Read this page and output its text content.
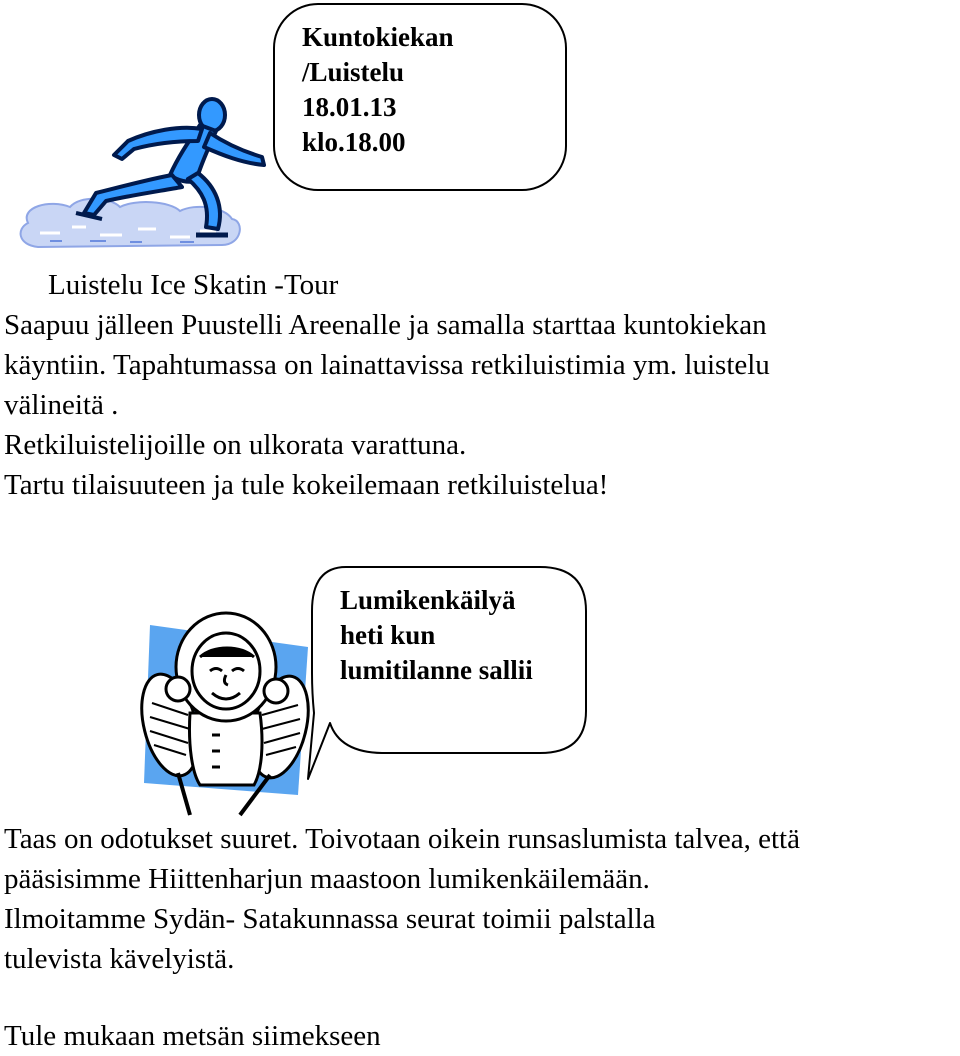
Kuntokiekan
/Luistelu
18.01.13
klo.18.00
Luistelu Ice Skatin -Tour
Saapuu jälleen Puustelli Areenalle ja samalla starttaa kuntokiekan
käyntiin. Tapahtumassa on lainattavissa retkiluistimia ym. luistelu
välineitä .
Retkiluistelijoille on ulkorata varattuna.
Tartu tilaisuuteen ja tule kokeilemaan retkiluistelua!
Lumikenkäilyä
heti kun
lumitilanne sallii
Taas on odotukset suuret. Toivotaan oikein runsaslumista talvea, että
pääsisimme Hiittenharjun maastoon lumikenkäilemään.
Ilmoitamme Sydän- Satakunnassa seurat toimii palstalla
tulevista kävelyistä.
Tule mukaan metsän siimekseen
